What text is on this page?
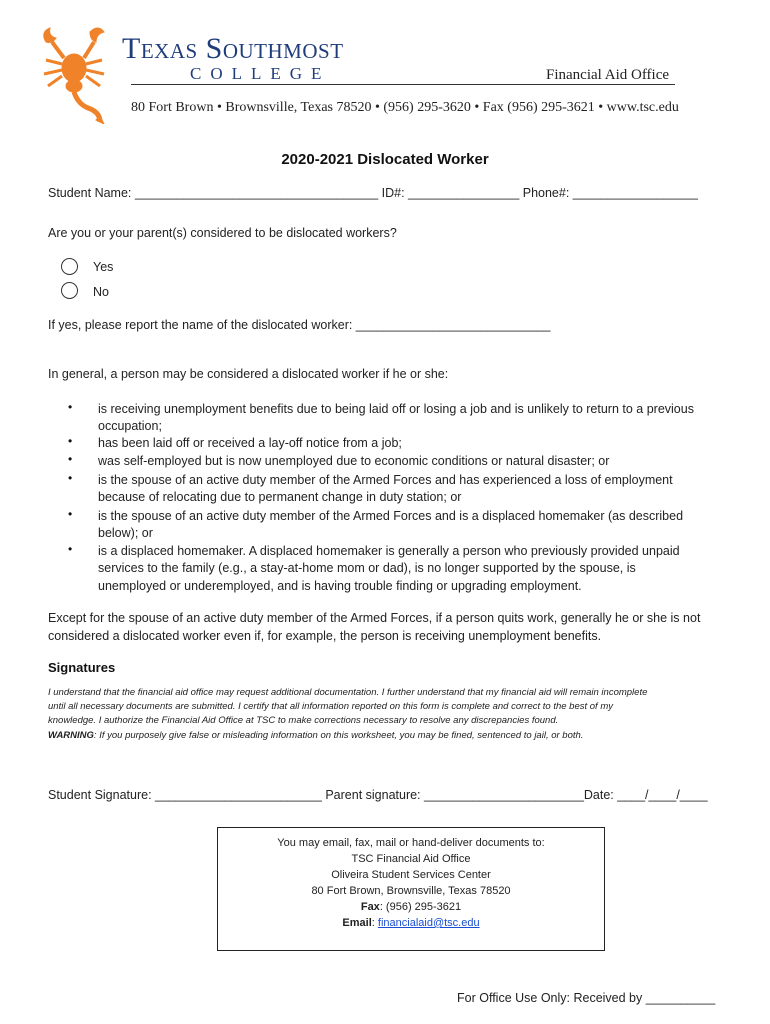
Texas Southmost
COLLEGE	Financial Aid Office
80 Fort Brown • Brownsville, Texas 78520 • (956) 295-3620 • Fax (956) 295-3621 • www.tsc.edu
2020-2021 Dislocated Worker
Student Name: ___________________________________ ID#: ________________ Phone#: __________________
Are you or your parent(s) considered to be dislocated workers?
Yes
No
If yes, please report the name of the dislocated worker: ____________________________
In general, a person may be considered a dislocated worker if he or she:
• is receiving unemployment benefits due to being laid off or losing a job and is unlikely to return to a previous
occupation;
• has been laid off or received a lay-off notice from a job;
• was self-employed but is now unemployed due to economic conditions or natural disaster; or
• is the spouse of an active duty member of the Armed Forces and has experienced a loss of employment
because of relocating due to permanent change in duty station; or
• is the spouse of an active duty member of the Armed Forces and is a displaced homemaker (as described
below); or
• is a displaced homemaker. A displaced homemaker is generally a person who previously provided unpaid
services to the family (e.g., a stay-at-home mom or dad), is no longer supported by the spouse, is
unemployed or underemployed, and is having trouble finding or upgrading employment.
Except for the spouse of an active duty member of the Armed Forces, if a person quits work, generally he or she is not
considered a dislocated worker even if, for example, the person is receiving unemployment benefits.
Signatures
I understand that the financial aid office may request additional documentation. I further understand that my financial aid will remain incomplete
until all necessary documents are submitted. I certify that all information reported on this form is complete and correct to the best of my
knowledge. I authorize the Financial Aid Office at TSC to make corrections necessary to resolve any discrepancies found.
WARNING: If you purposely give false or misleading information on this worksheet, you may be fined, sentenced to jail, or both.
Student Signature: ________________________ Parent signature: _______________________Date: ____/____/____
You may email, fax, mail or hand-deliver documents to:
TSC Financial Aid Office
Oliveira Student Services Center
80 Fort Brown, Brownsville, Texas 78520
Fax: (956) 295-3621
Email: financialaid@tsc.edu
For Office Use Only: Received by __________
